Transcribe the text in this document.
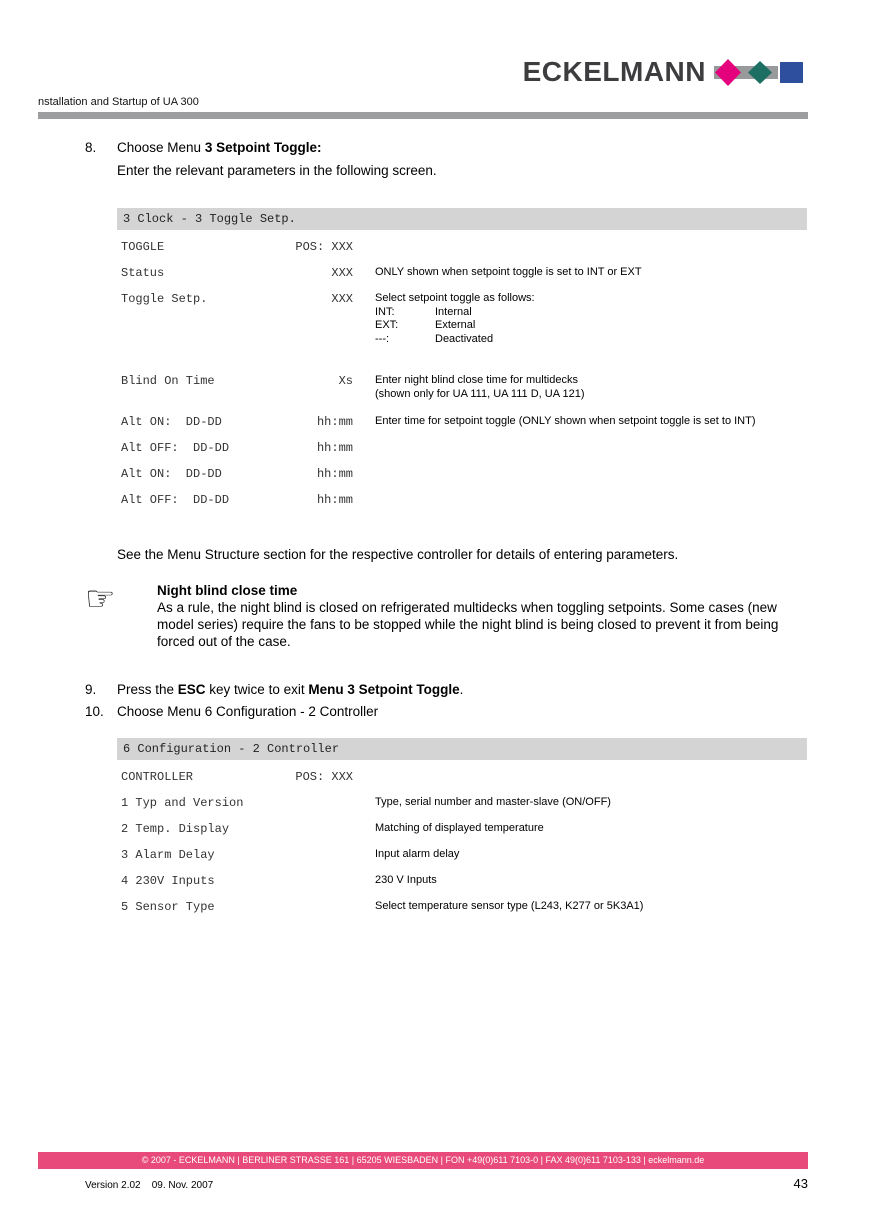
ECKELMANN
nstallation and Startup of UA 300
8.	Choose Menu 3 Setpoint Toggle:
Enter the relevant parameters in the following screen.
3 Clock - 3 Toggle Setp.
TOGGLE	POS: XXX
Status	XXX ONLY shown when setpoint toggle is set to INT or EXT
Toggle Setp.	XXX Select setpoint toggle as follows:
INT:	Internal
EXT:	External
---:	Deactivated
Blind On Time	Xs Enter night blind close time for multidecks
(shown only for UA 111, UA 111 D, UA 121)
Alt ON:  DD-DD	hh:mm Enter time for setpoint toggle (ONLY shown when setpoint toggle is set to INT)
Alt OFF:  DD-DD	hh:mm
Alt ON:  DD-DD	hh:mm
Alt OFF:  DD-DD	hh:mm
See the Menu Structure section for the respective controller for details of entering parameters.
☞	Night blind close time
As a rule, the night blind is closed on refrigerated multidecks when toggling setpoints. Some cases (new model series) require the fans to be stopped while the night blind is being closed to prevent it from being forced out of the case.
9.	Press the ESC key twice to exit Menu 3 Setpoint Toggle.
10. Choose Menu 6 Configuration - 2 Controller
6 Configuration - 2 Controller
CONTROLLER	POS: XXX
1 Typ and Version	Type, serial number and master-slave (ON/OFF)
2 Temp. Display	Matching of displayed temperature
3 Alarm Delay	Input alarm delay
4 230V Inputs	230 V Inputs
5 Sensor Type	Select temperature sensor type (L243, K277 or 5K3A1)
© 2007 - ECKELMANN | BERLINER STRASSE 161 | 65205 WIESBADEN | FON +49(0)611 7103-0 | FAX 49(0)611 7103-133 | eckelmann.de
Version 2.02    09. Nov. 2007	43
